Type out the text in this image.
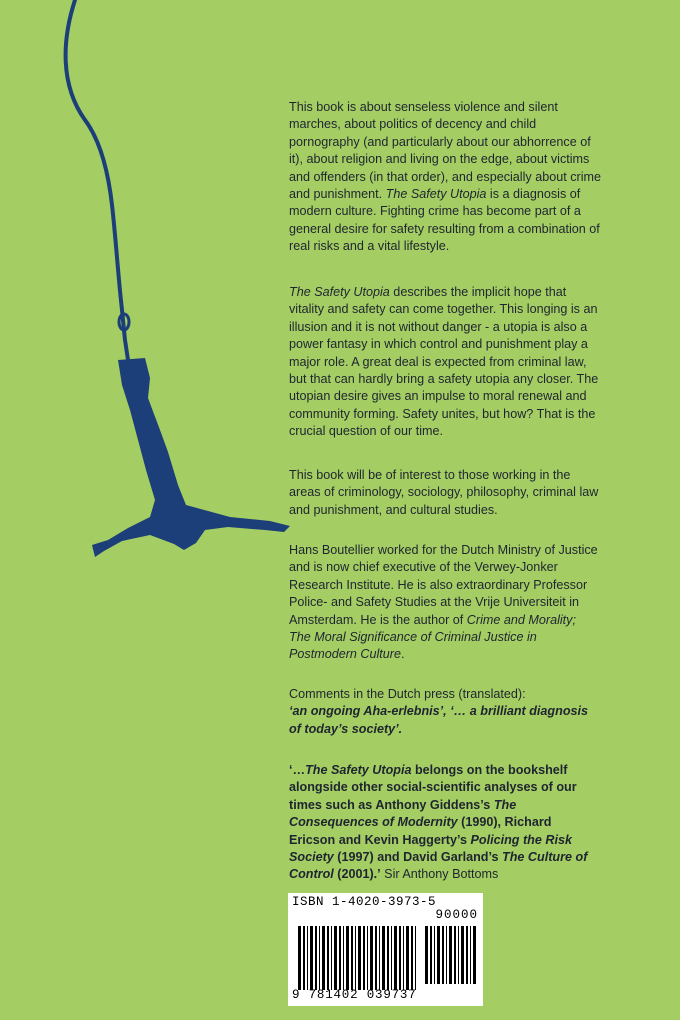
This book is about senseless violence and silent marches, about politics of decency and child pornography (and particularly about our abhorrence of it), about religion and living on the edge, about victims and offenders (in that order), and especially about crime and punishment. The Safety Utopia is a diagnosis of modern culture. Fighting crime has become part of a general desire for safety resulting from a combination of real risks and a vital lifestyle.

The Safety Utopia describes the implicit hope that vitality and safety can come together. This longing is an illusion and it is not without danger - a utopia is also a power fantasy in which control and punishment play a major role. A great deal is expected from criminal law, but that can hardly bring a safety utopia any closer. The utopian desire gives an impulse to moral renewal and community forming. Safety unites, but how? That is the crucial question of our time.

This book will be of interest to those working in the areas of criminology, sociology, philosophy, criminal law and punishment, and cultural studies.

Hans Boutellier worked for the Dutch Ministry of Justice and is now chief executive of the Verwey-Jonker Research Institute. He is also extraordinary Professor Police- and Safety Studies at the Vrije Universiteit in Amsterdam. He is the author of Crime and Morality; The Moral Significance of Criminal Justice in Postmodern Culture.

Comments in the Dutch press (translated):

‘an ongoing Aha-erlebnis’, ‘… a brilliant diagnosis of today’s society’.

‘…The Safety Utopia belongs on the bookshelf alongside other social-scientific analyses of our times such as Anthony Giddens’s The Consequences of Modernity (1990), Richard Ericson and Kevin Haggerty’s Policing the Risk Society (1997) and David Garland’s The Culture of Control (2001).’ Sir Anthony Bottoms

ISBN 1-4020-3973-5
90000
9 781402 039737
